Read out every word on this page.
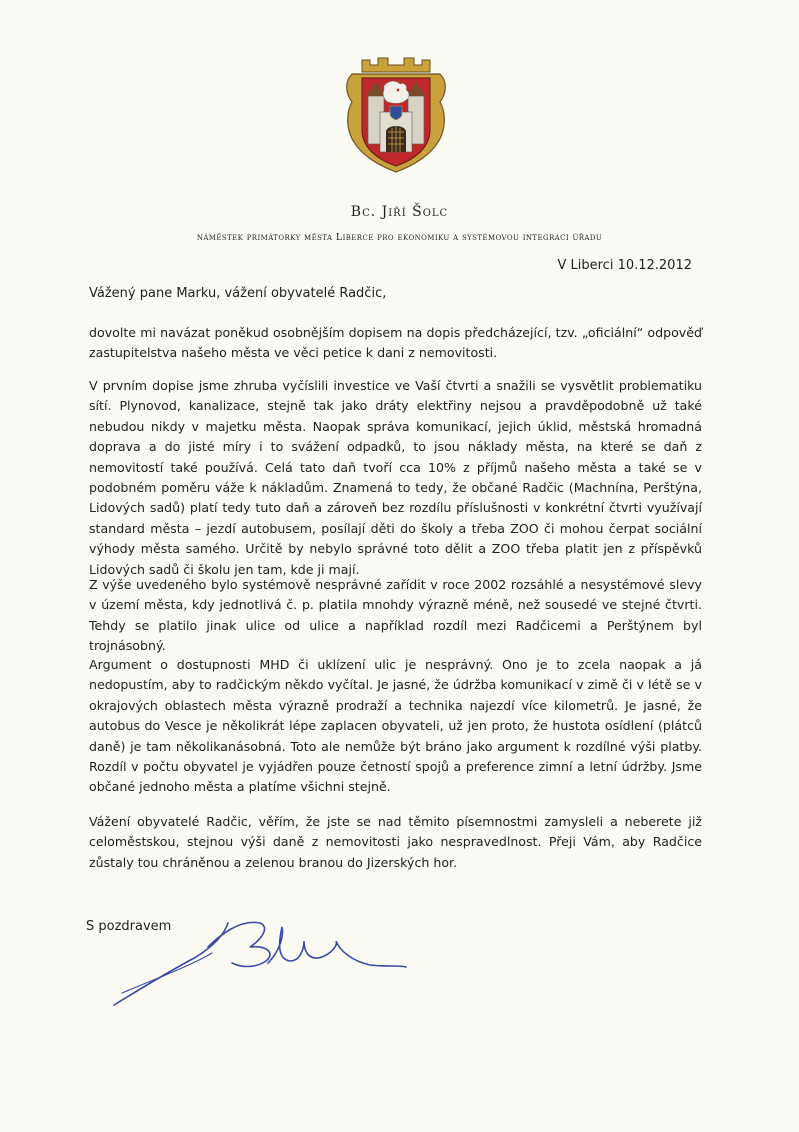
Bc. Jiří Šolc
náměstek primátorky města Liberce pro ekonomiku a systémovou integraci úřadu
V Liberci 10.12.2012
Vážený pane Marku, vážení obyvatelé Radčic,

dovolte mi navázat poněkud osobnějším dopisem na dopis předcházející, tzv. „oficiální“ odpověď zastupitelstva našeho města ve věci petice k dani z nemovitosti.

V prvním dopise jsme zhruba vyčíslili investice ve Vaší čtvrti a snažili se vysvětlit problematiku sítí. Plynovod, kanalizace, stejně tak jako dráty elektřiny nejsou a pravděpodobně už také nebudou nikdy v majetku města. Naopak správa komunikací, jejich úklid, městská hromadná doprava a do jisté míry i to svážení odpadků, to jsou náklady města, na které se daň z nemovitostí také používá. Celá tato daň tvoří cca 10% z příjmů našeho města a také se v podobném poměru váže k nákladům. Znamená to tedy, že občané Radčic (Machnína, Perštýna, Lidových sadů) platí tedy tuto daň a zároveň bez rozdílu příslušnosti v konkrétní čtvrti využívají standard města – jezdí autobusem, posílají děti do školy a třeba ZOO či mohou čerpat sociální výhody města samého. Určitě by nebylo správné toto dělit a ZOO třeba platit jen z příspěvků Lidových sadů či školu jen tam, kde ji mají.

Z výše uvedeného bylo systémově nesprávné zařídit v roce 2002 rozsáhlé a nesystémové slevy v území města, kdy jednotlivá č. p. platila mnohdy výrazně méně, než sousedé ve stejné čtvrti. Tehdy se platilo jinak ulice od ulice a například rozdíl mezi Radčicemi a Perštýnem byl trojnásobný.

Argument o dostupnosti MHD či uklízení ulic je nesprávný. Ono je to zcela naopak a já nedopustím, aby to radčickým někdo vyčítal. Je jasné, že údržba komunikací v zimě či v létě se v okrajových oblastech města výrazně prodraží a technika najezdí více kilometrů. Je jasné, že autobus do Vesce je několikrát lépe zaplacen obyvateli, už jen proto, že hustota osídlení (plátců daně) je tam několikanásobná. Toto ale nemůže být bráno jako argument k rozdílné výši platby. Rozdíl v počtu obyvatel je vyjádřen pouze četností spojů a preference zimní a letní údržby. Jsme občané jednoho města a platíme všichni stejně.

Vážení obyvatelé Radčic, věřím, že jste se nad těmito písemnostmi zamysleli a neberete již celoměstskou, stejnou výši daně z nemovitosti jako nespravedlnost. Přeji Vám, aby Radčice zůstaly tou chráněnou a zelenou branou do Jizerských hor.

S pozdravem
